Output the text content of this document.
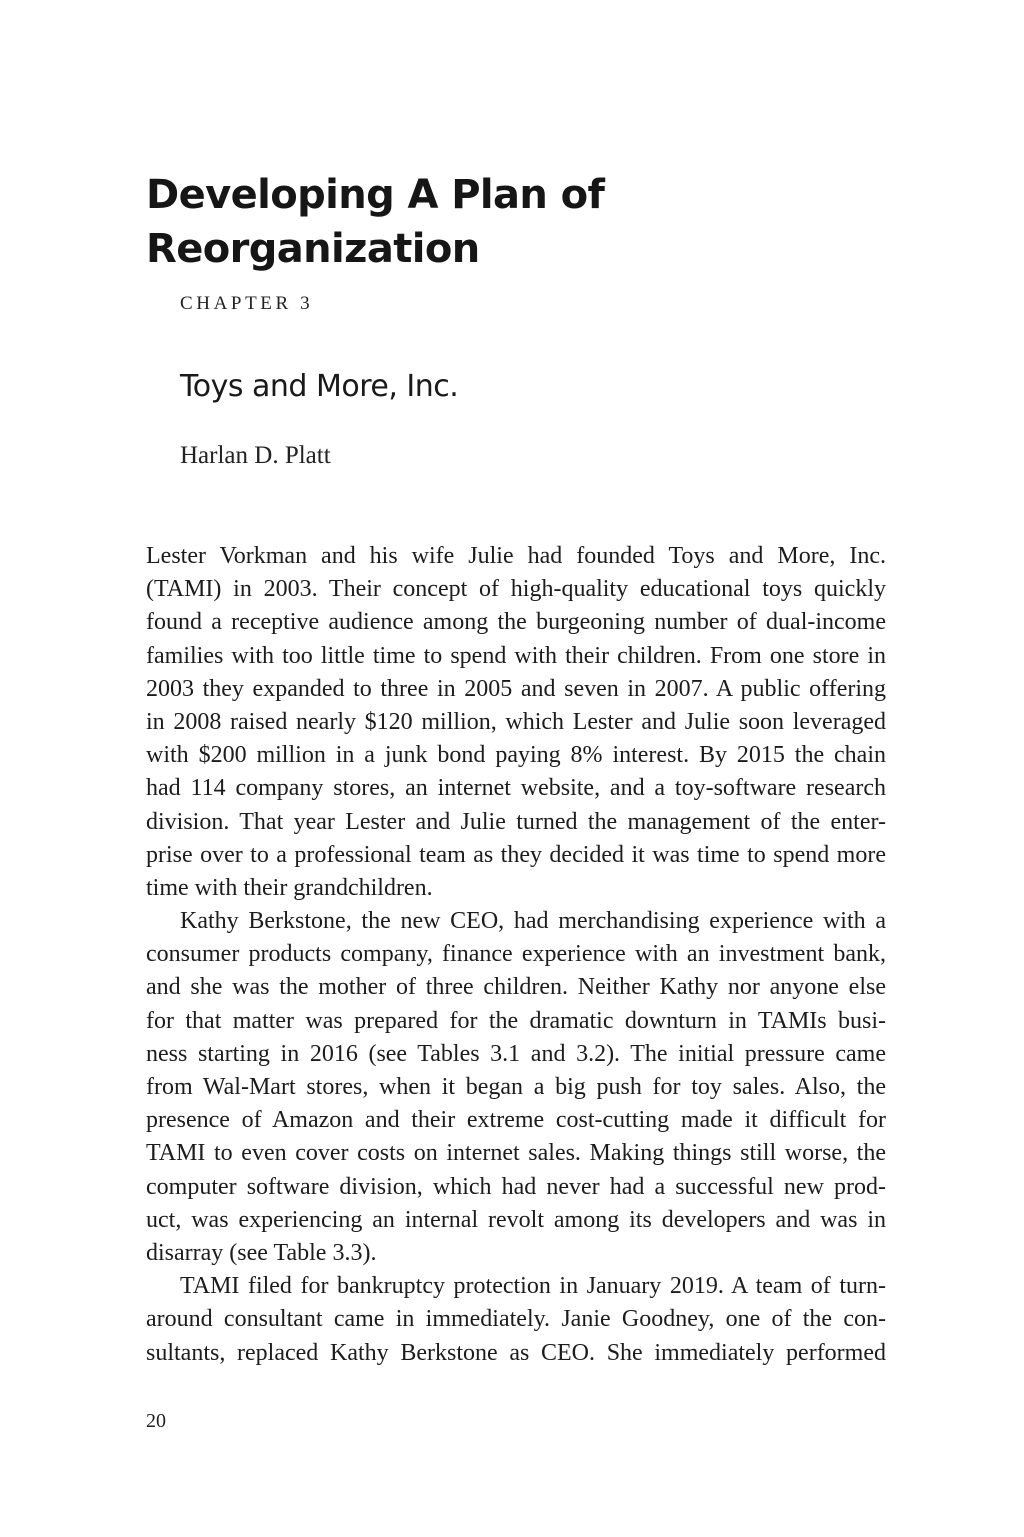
Developing A Plan of
Reorganization

CHAPTER 3

Toys and More, Inc.

Harlan D. Platt

Lester Vorkman and his wife Julie had founded Toys and More, Inc.
(TAMI) in 2003. Their concept of high-quality educational toys quickly
found a receptive audience among the burgeoning number of dual-income
families with too little time to spend with their children. From one store in
2003 they expanded to three in 2005 and seven in 2007. A public offering
in 2008 raised nearly $120 million, which Lester and Julie soon leveraged
with $200 million in a junk bond paying 8% interest. By 2015 the chain
had 114 company stores, an internet website, and a toy-software research
division. That year Lester and Julie turned the management of the enter-
prise over to a professional team as they decided it was time to spend more
time with their grandchildren.
Kathy Berkstone, the new CEO, had merchandising experience with a
consumer products company, finance experience with an investment bank,
and she was the mother of three children. Neither Kathy nor anyone else
for that matter was prepared for the dramatic downturn in TAMIs busi-
ness starting in 2016 (see Tables 3.1 and 3.2). The initial pressure came
from Wal-Mart stores, when it began a big push for toy sales. Also, the
presence of Amazon and their extreme cost-cutting made it difficult for
TAMI to even cover costs on internet sales. Making things still worse, the
computer software division, which had never had a successful new prod-
uct, was experiencing an internal revolt among its developers and was in
disarray (see Table 3.3).
TAMI filed for bankruptcy protection in January 2019. A team of turn-
around consultant came in immediately. Janie Goodney, one of the con-
sultants, replaced Kathy Berkstone as CEO. She immediately performed

20
